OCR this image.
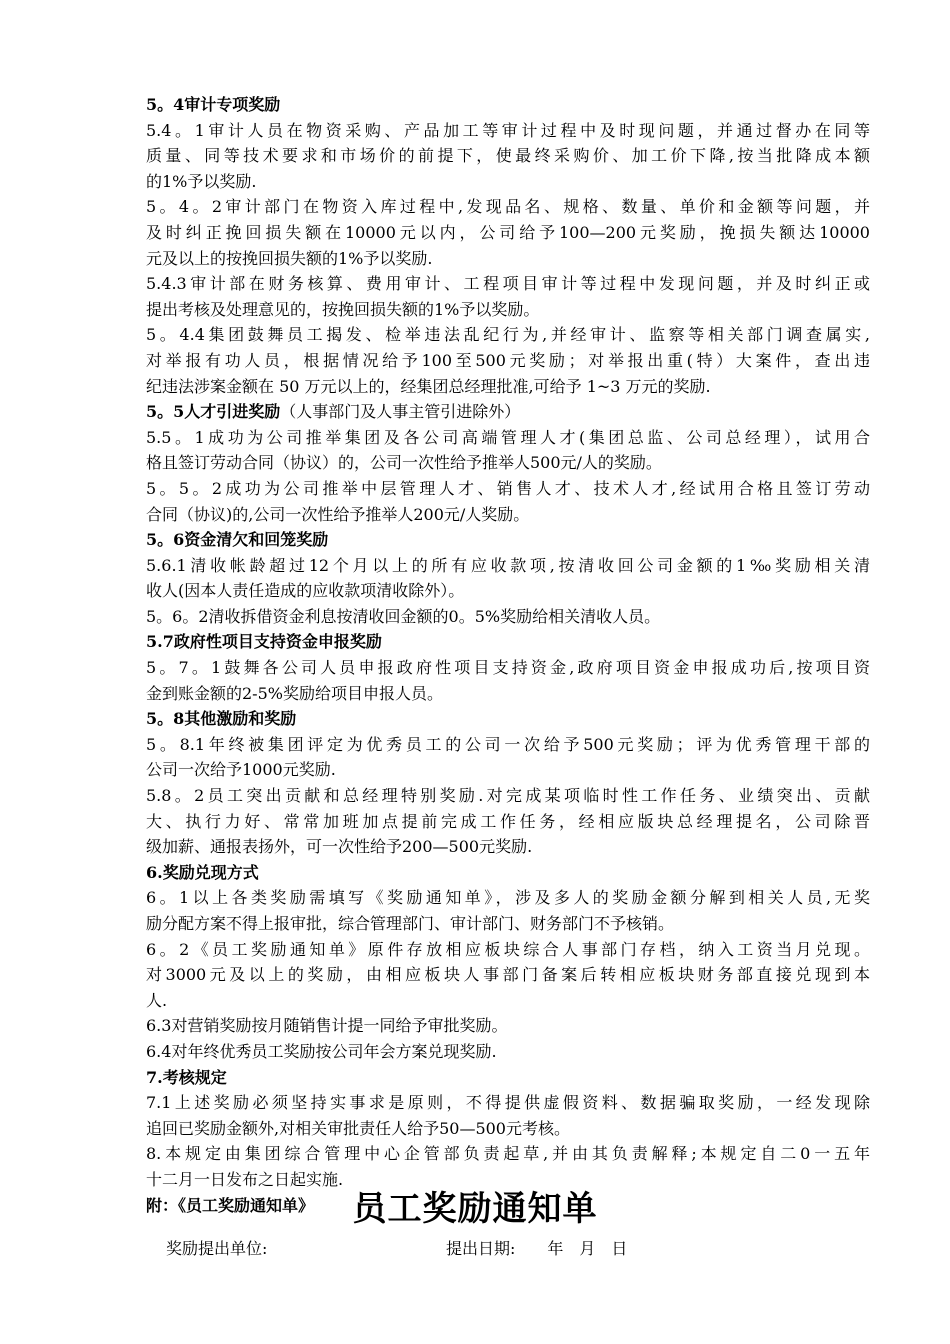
5。4审计专项奖励
5.4。1审计人员在物资采购、产品加工等审计过程中及时现问题，并通过督办在同等
质量、同等技术要求和市场价的前提下，使最终采购价、加工价下降,按当批降成本额
的1%予以奖励.
5。4。2审计部门在物资入库过程中,发现品名、规格、数量、单价和金额等问题，并
及时纠正挽回损失额在10000元以内，公司给予100—200元奖励，挽损失额达10000
元及以上的按挽回损失额的1%予以奖励.
5.4.3审计部在财务核算、费用审计、工程项目审计等过程中发现问题，并及时纠正或
提出考核及处理意见的，按挽回损失额的1%予以奖励。
5。4.4集团鼓舞员工揭发、检举违法乱纪行为,并经审计、监察等相关部门调查属实,
对举报有功人员，根据情况给予100至500元奖励；对举报出重(特）大案件，查出违
纪违法涉案金额在 50 万元以上的，经集团总经理批准,可给予 1~3 万元的奖励.
5。5人才引进奖励（人事部门及人事主管引进除外）
5.5。1成功为公司推举集团及各公司高端管理人才(集团总监、公司总经理），试用合
格且签订劳动合同（协议）的，公司一次性给予推举人500元/人的奖励。
5。5。2成功为公司推举中层管理人才、销售人才、技术人才,经试用合格且签订劳动
合同（协议)的,公司一次性给予推举人200元/人奖励。
5。6资金清欠和回笼奖励
5.6.1清收帐龄超过12个月以上的所有应收款项,按清收回公司金额的1‰奖励相关清
收人(因本人责任造成的应收款项清收除外）。
5。6。2清收拆借资金利息按清收回金额的0。5%奖励给相关清收人员。
5.7政府性项目支持资金申报奖励
5。7。1鼓舞各公司人员申报政府性项目支持资金,政府项目资金申报成功后,按项目资
金到账金额的2-5%奖励给项目申报人员。
5。8其他激励和奖励
5。8.1年终被集团评定为优秀员工的公司一次给予500元奖励；评为优秀管理干部的
公司一次给予1000元奖励.
5.8。2员工突出贡献和总经理特别奖励.对完成某项临时性工作任务、业绩突出、贡献
大、执行力好、常常加班加点提前完成工作任务，经相应版块总经理提名，公司除晋
级加薪、通报表扬外，可一次性给予200—500元奖励.
6.奖励兑现方式
6。1以上各类奖励需填写《奖励通知单》，涉及多人的奖励金额分解到相关人员,无奖
励分配方案不得上报审批，综合管理部门、审计部门、财务部门不予核销。
6。2《员工奖励通知单》原件存放相应板块综合人事部门存档，纳入工资当月兑现。
对3000元及以上的奖励，由相应板块人事部门备案后转相应板块财务部直接兑现到本
人.
6.3对营销奖励按月随销售计提一同给予审批奖励。
6.4对年终优秀员工奖励按公司年会方案兑现奖励.
7.考核规定
7.1上述奖励必须坚持实事求是原则，不得提供虚假资料、数据骗取奖励，一经发现除
追回已奖励金额外,对相关审批责任人给予50—500元考核。
8.本规定由集团综合管理中心企管部负责起草,并由其负责解释;本规定自二0一五年
十二月一日发布之日起实施.
附：《员工奖励通知单》	员工奖励通知单
奖励提出单位:	提出日期:　　年　月　日
